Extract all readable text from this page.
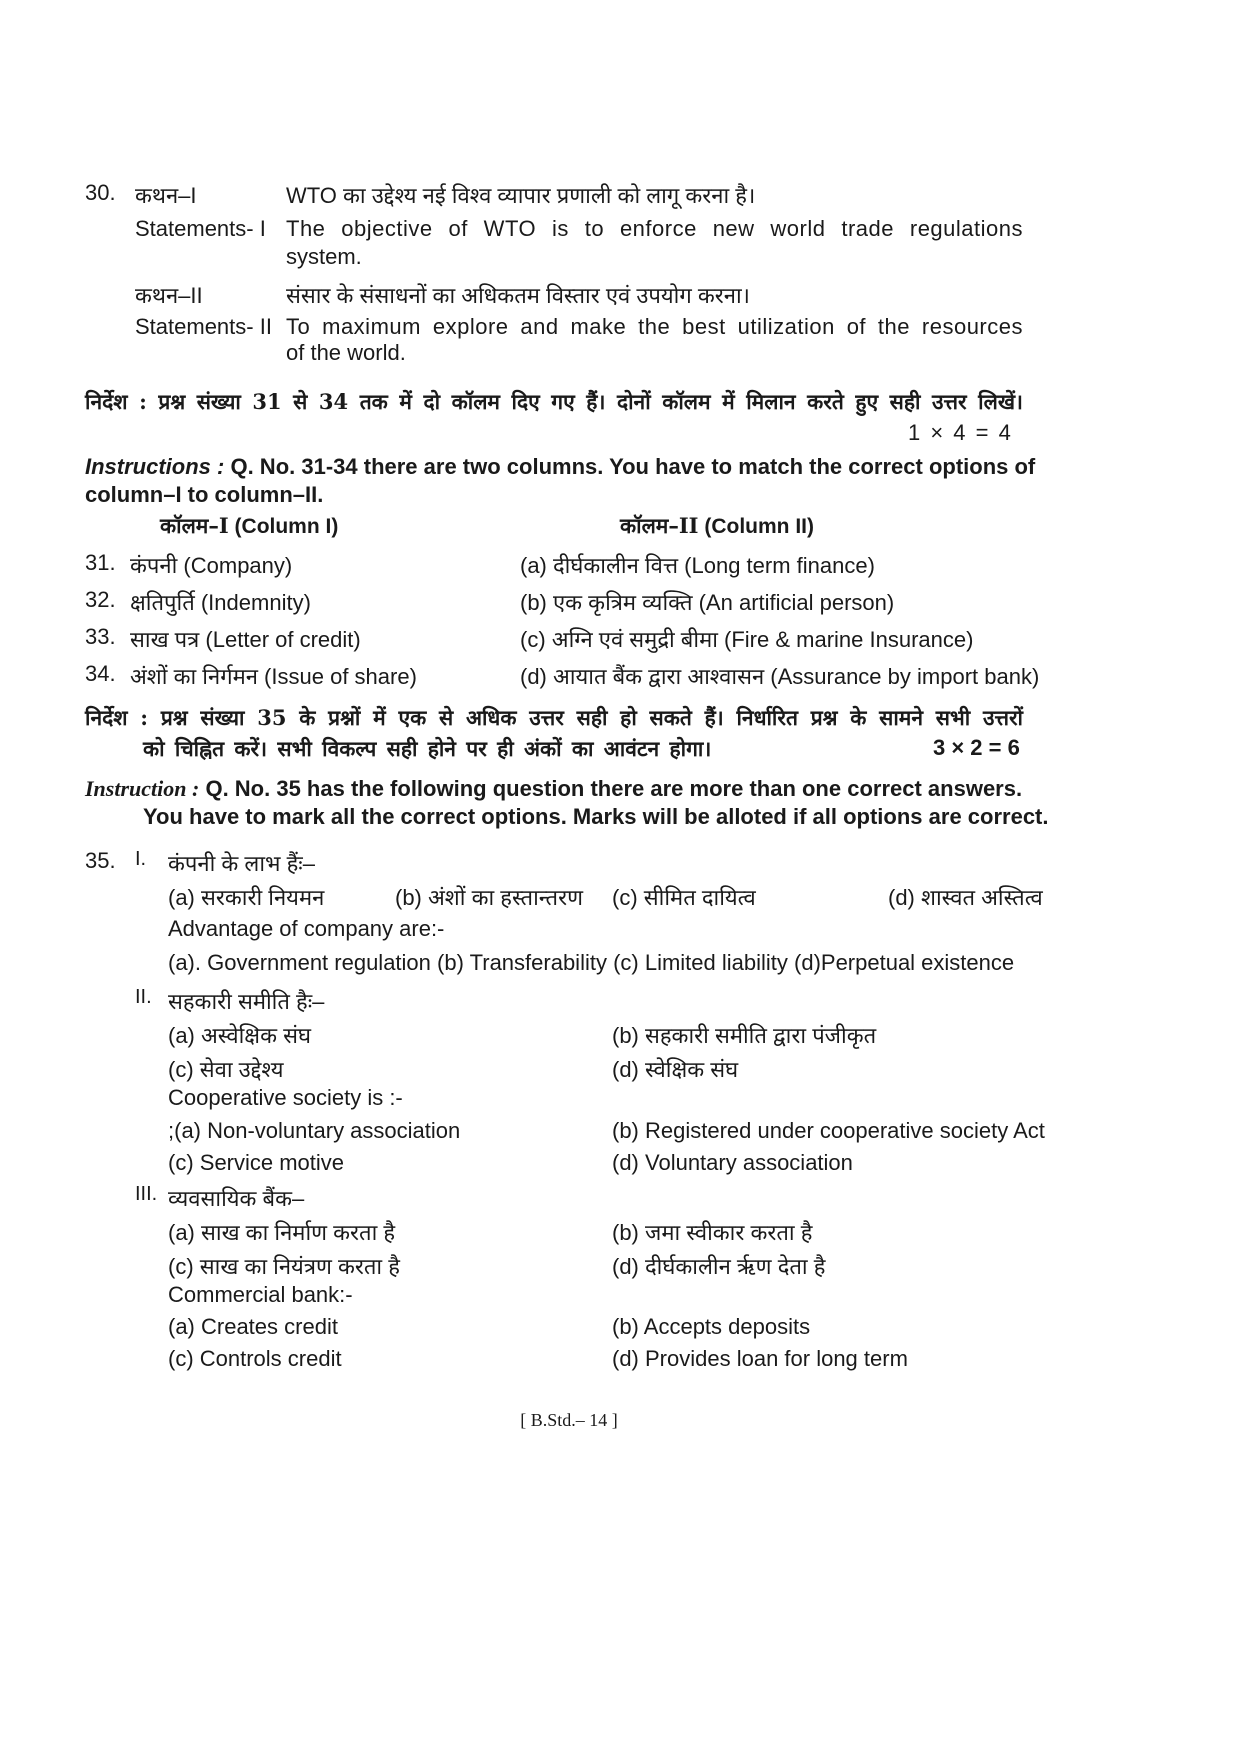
30. कथन–I	WTO का उद्देश्य नई विश्व व्यापार प्रणाली को लागू करना है।
Statements- I The objective of WTO is to enforce new world trade regulations
system.
कथन–II	संसार के संसाधनों का अधिकतम विस्तार एवं उपयोग करना।
Statements- II To maximum explore and make the best utilization of the resources
of the world.
निर्देश : प्रश्न संख्या 31 से 34 तक में दो कॉलम दिए गए हैं। दोनों कॉलम में मिलान करते हुए सही उत्तर लिखें।
1 × 4 = 4
Instructions : Q. No. 31-34 there are two columns. You have to match the correct options of
column–I to column–II.
कॉलम–I (Column I)	कॉलम–II (Column II)
31. कंपनी (Company)	(a) दीर्घकालीन वित्त (Long term finance)
32. क्षतिपुर्ति (Indemnity)	(b) एक कृत्रिम व्यक्ति (An artificial person)
33. साख पत्र (Letter of credit)	(c) अग्नि एवं समुद्री बीमा (Fire & marine Insurance)
34. अंशों का निर्गमन (Issue of share)	(d) आयात बैंक द्वारा आश्वासन (Assurance by import bank)
निर्देश : प्रश्न संख्या 35 के प्रश्नों में एक से अधिक उत्तर सही हो सकते हैं। निर्धारित प्रश्न के सामने सभी उत्तरों
को चिह्नित करें। सभी विकल्प सही होने पर ही अंकों का आवंटन होगा।	3 × 2 = 6
Instruction : Q. No. 35 has the following question there are more than one correct answers.
You have to mark all the correct options. Marks will be alloted if all options are correct.
35. I. कंपनी के लाभ हैंः–
(a) सरकारी नियमन	(b) अंशों का हस्तान्तरण (c) सीमित दायित्व	(d) शास्वत अस्तित्व
Advantage of company are:-
(a). Government regulation (b) Transferability (c) Limited liability (d)Perpetual existence
II. सहकारी समीति हैः–
(a) अस्वेक्षिक संघ	(b) सहकारी समीति द्वारा पंजीकृत
(c) सेवा उद्देश्य	(d) स्वेक्षिक संघ
Cooperative society is :-
;(a) Non-voluntary association	(b) Registered under cooperative society Act
(c) Service motive	(d) Voluntary association
III. व्यवसायिक बैंक–
(a) साख का निर्माण करता है	(b) जमा स्वीकार करता है
(c) साख का नियंत्रण करता है	(d) दीर्घकालीन ऋृण देता है
Commercial bank:-
(a) Creates credit	(b) Accepts deposits
(c) Controls credit	(d) Provides loan for long term
[ B.Std.– 14 ]
